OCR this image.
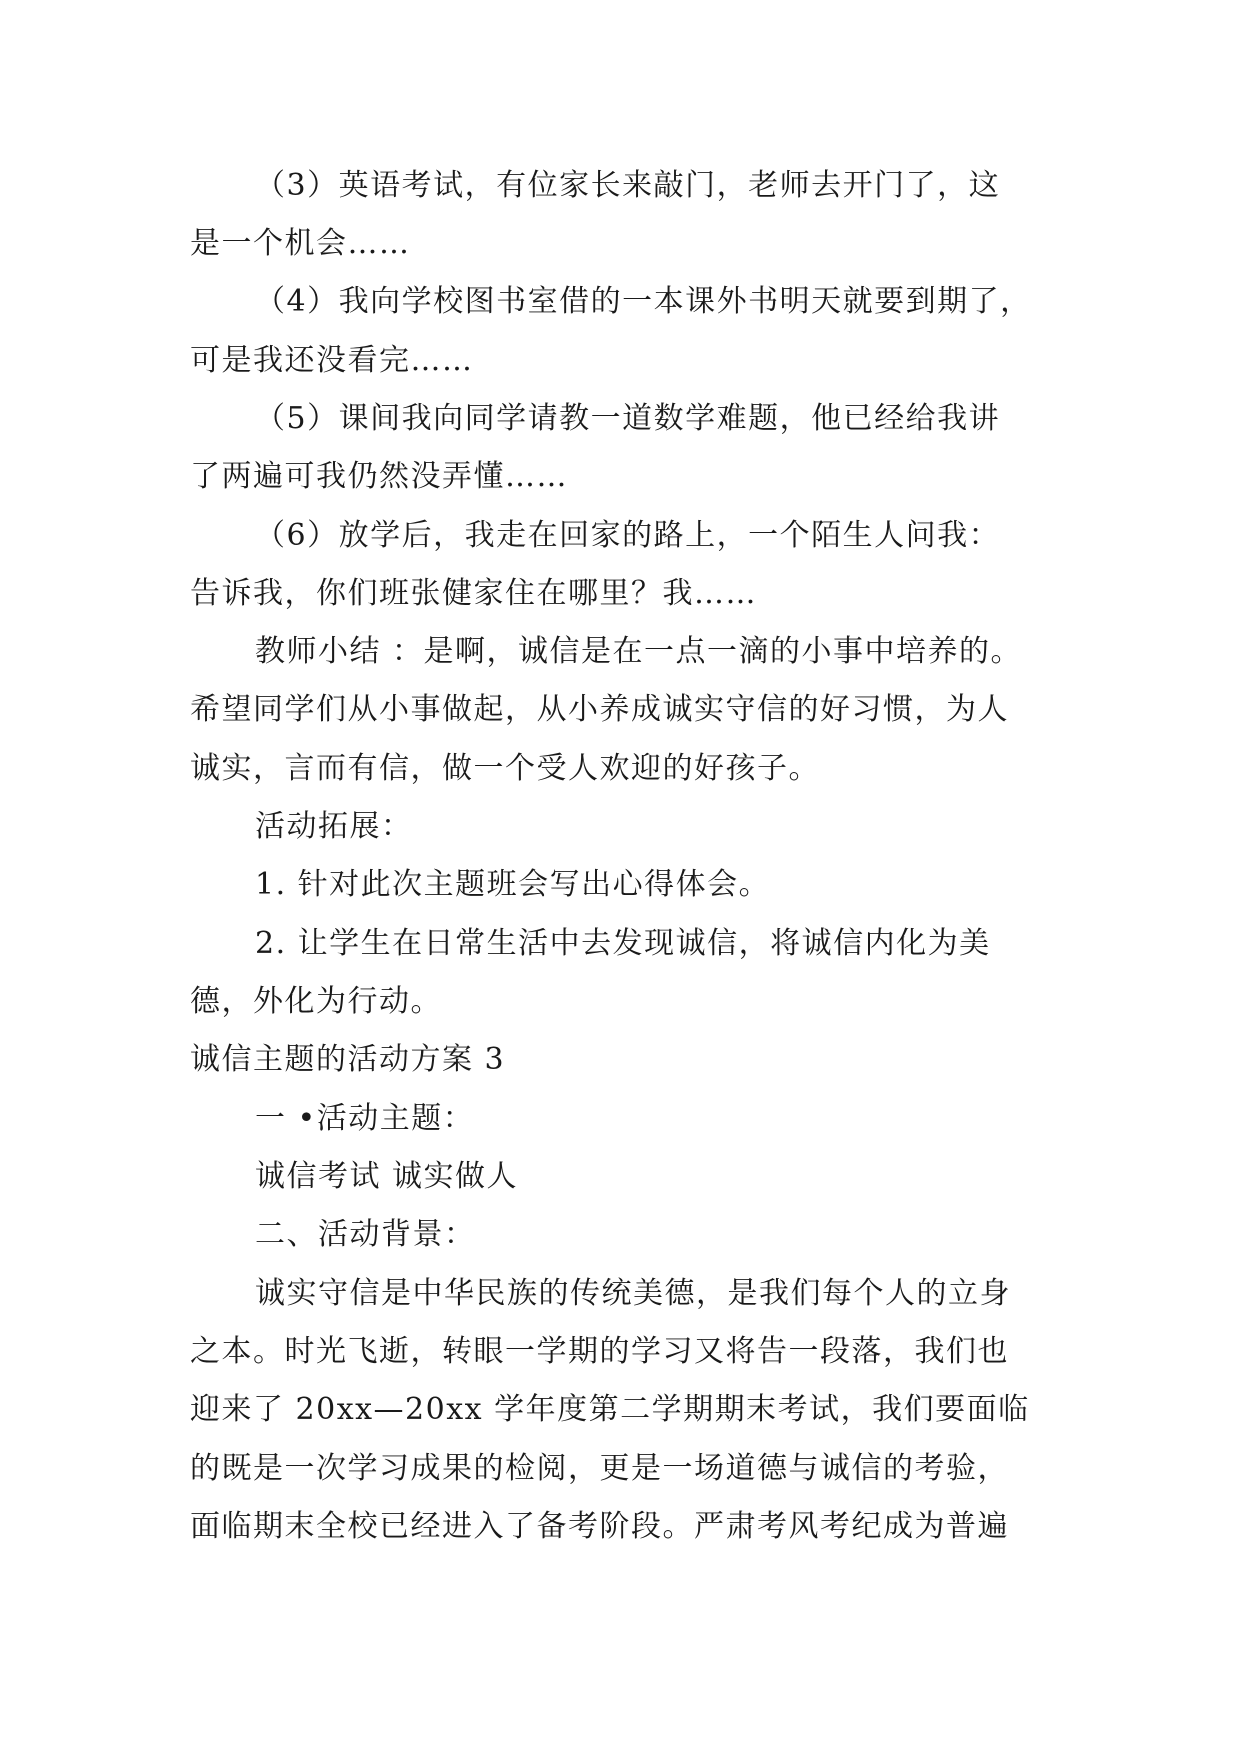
（3）英语考试，有位家长来敲门，老师去开门了，这
是一个机会……
（4）我向学校图书室借的一本课外书明天就要到期了，
可是我还没看完……
（5）课间我向同学请教一道数学难题，他已经给我讲
了两遍可我仍然没弄懂……
（6）放学后，我走在回家的路上，一个陌生人问我：
告诉我，你们班张健家住在哪里？我……
教师小结 ：是啊，诚信是在一点一滴的小事中培养的。
希望同学们从小事做起，从小养成诚实守信的好习惯，为人
诚实，言而有信，做一个受人欢迎的好孩子。
活动拓展：
1. 针对此次主题班会写出心得体会。
2. 让学生在日常生活中去发现诚信，将诚信内化为美
德，外化为行动。
诚信主题的活动方案 3
一 •活动主题：
诚信考试 诚实做人
二、活动背景：
诚实守信是中华民族的传统美德，是我们每个人的立身
之本。时光飞逝，转眼一学期的学习又将告一段落，我们也
迎来了 20xx—20xx 学年度第二学期期末考试，我们要面临
的既是一次学习成果的检阅，更是一场道德与诚信的考验，
面临期末全校已经进入了备考阶段。严肃考风考纪成为普遍
